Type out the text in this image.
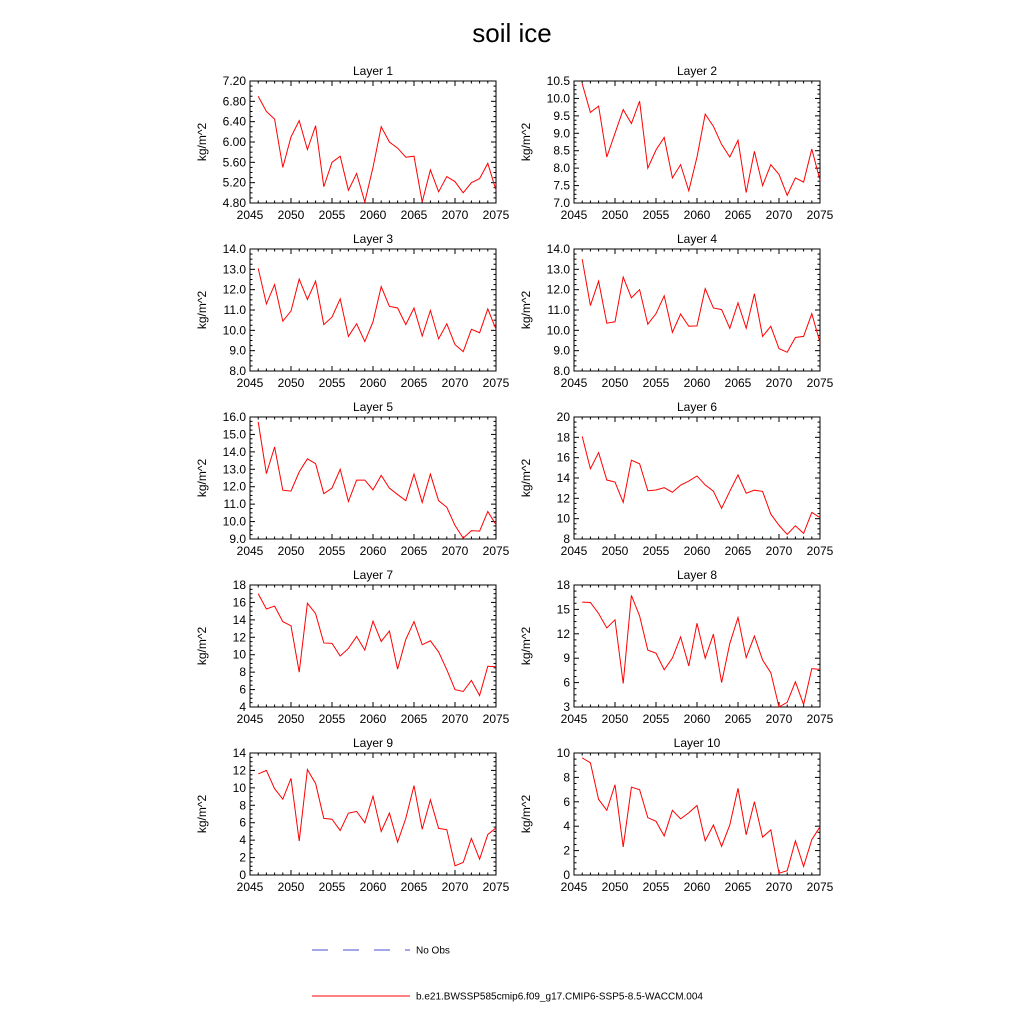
soil ice
Layer 1
2045 2050 2055 2060 2065 2070 2075
4.80
5.20
5.60
6.00
6.40
6.80
7.20
kg/m^2
Layer 2
2045 2050 2055 2060 2065 2070 2075
7.0
7.5
8.0
8.5
9.0
9.5
10.0
10.5
kg/m^2
Layer 3
2045 2050 2055 2060 2065 2070 2075
8.0
9.0
10.0
11.0
12.0
13.0
14.0
kg/m^2
Layer 4
2045 2050 2055 2060 2065 2070 2075
8.0
9.0
10.0
11.0
12.0
13.0
14.0
kg/m^2
Layer 5
2045 2050 2055 2060 2065 2070 2075
9.0
10.0
11.0
12.0
13.0
14.0
15.0
16.0
kg/m^2
Layer 6
2045 2050 2055 2060 2065 2070 2075
8
10
12
14
16
18
20
kg/m^2
Layer 7
2045 2050 2055 2060 2065 2070 2075
4
6
8
10
12
14
16
18
kg/m^2
Layer 8
2045 2050 2055 2060 2065 2070 2075
3
6
9
12
15
18
kg/m^2
Layer 9
2045 2050 2055 2060 2065 2070 2075
0
2
4
6
8
10
12
14
kg/m^2
Layer 10
2045 2050 2055 2060 2065 2070 2075
0
2
4
6
8
10
kg/m^2
No Obs
b.e21.BWSSP585cmip6.f09_g17.CMIP6-SSP5-8.5-WACCM.004
